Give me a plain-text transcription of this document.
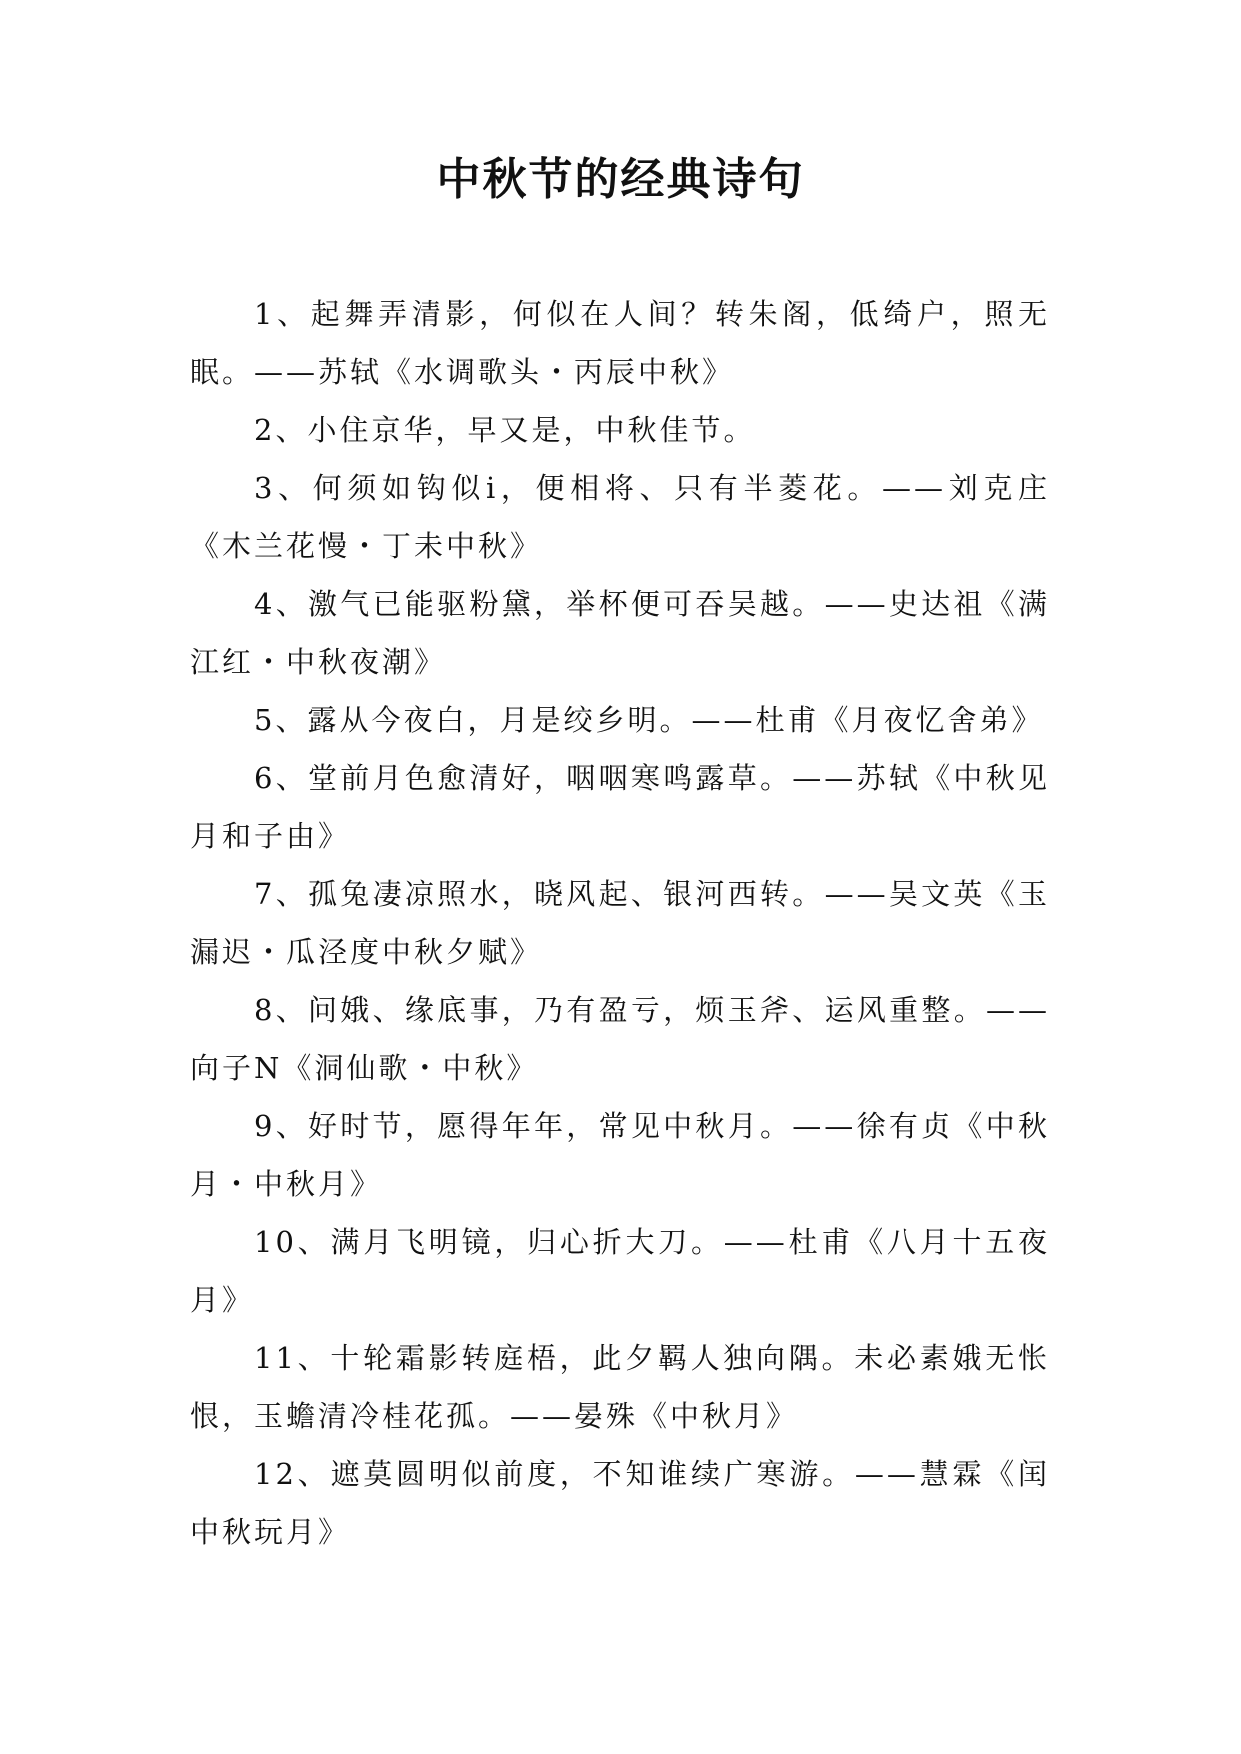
中秋节的经典诗句

1、起舞弄清影，何似在人间？转朱阁，低绮户，照无眠。——苏轼《水调歌头・丙辰中秋》

2、小住京华，早又是，中秋佳节。

3、何须如钩似i，便相将、只有半菱花。——刘克庄《木兰花慢・丁未中秋》

4、激气已能驱粉黛，举杯便可吞吴越。——史达祖《满江红・中秋夜潮》

5、露从今夜白，月是绞乡明。——杜甫《月夜忆舍弟》

6、堂前月色愈清好，咽咽寒鸣露草。——苏轼《中秋见月和子由》

7、孤兔凄凉照水，晓风起、银河西转。——吴文英《玉漏迟・瓜泾度中秋夕赋》

8、问娥、缘底事，乃有盈亏，烦玉斧、运风重整。——向子N《洞仙歌・中秋》

9、好时节，愿得年年，常见中秋月。——徐有贞《中秋月・中秋月》

10、满月飞明镜，归心折大刀。——杜甫《八月十五夜月》

11、十轮霜影转庭梧，此夕羁人独向隅。未必素娥无怅恨，玉蟾清冷桂花孤。——晏殊《中秋月》

12、遮莫圆明似前度，不知谁续广寒游。——慧霖《闰中秋玩月》
